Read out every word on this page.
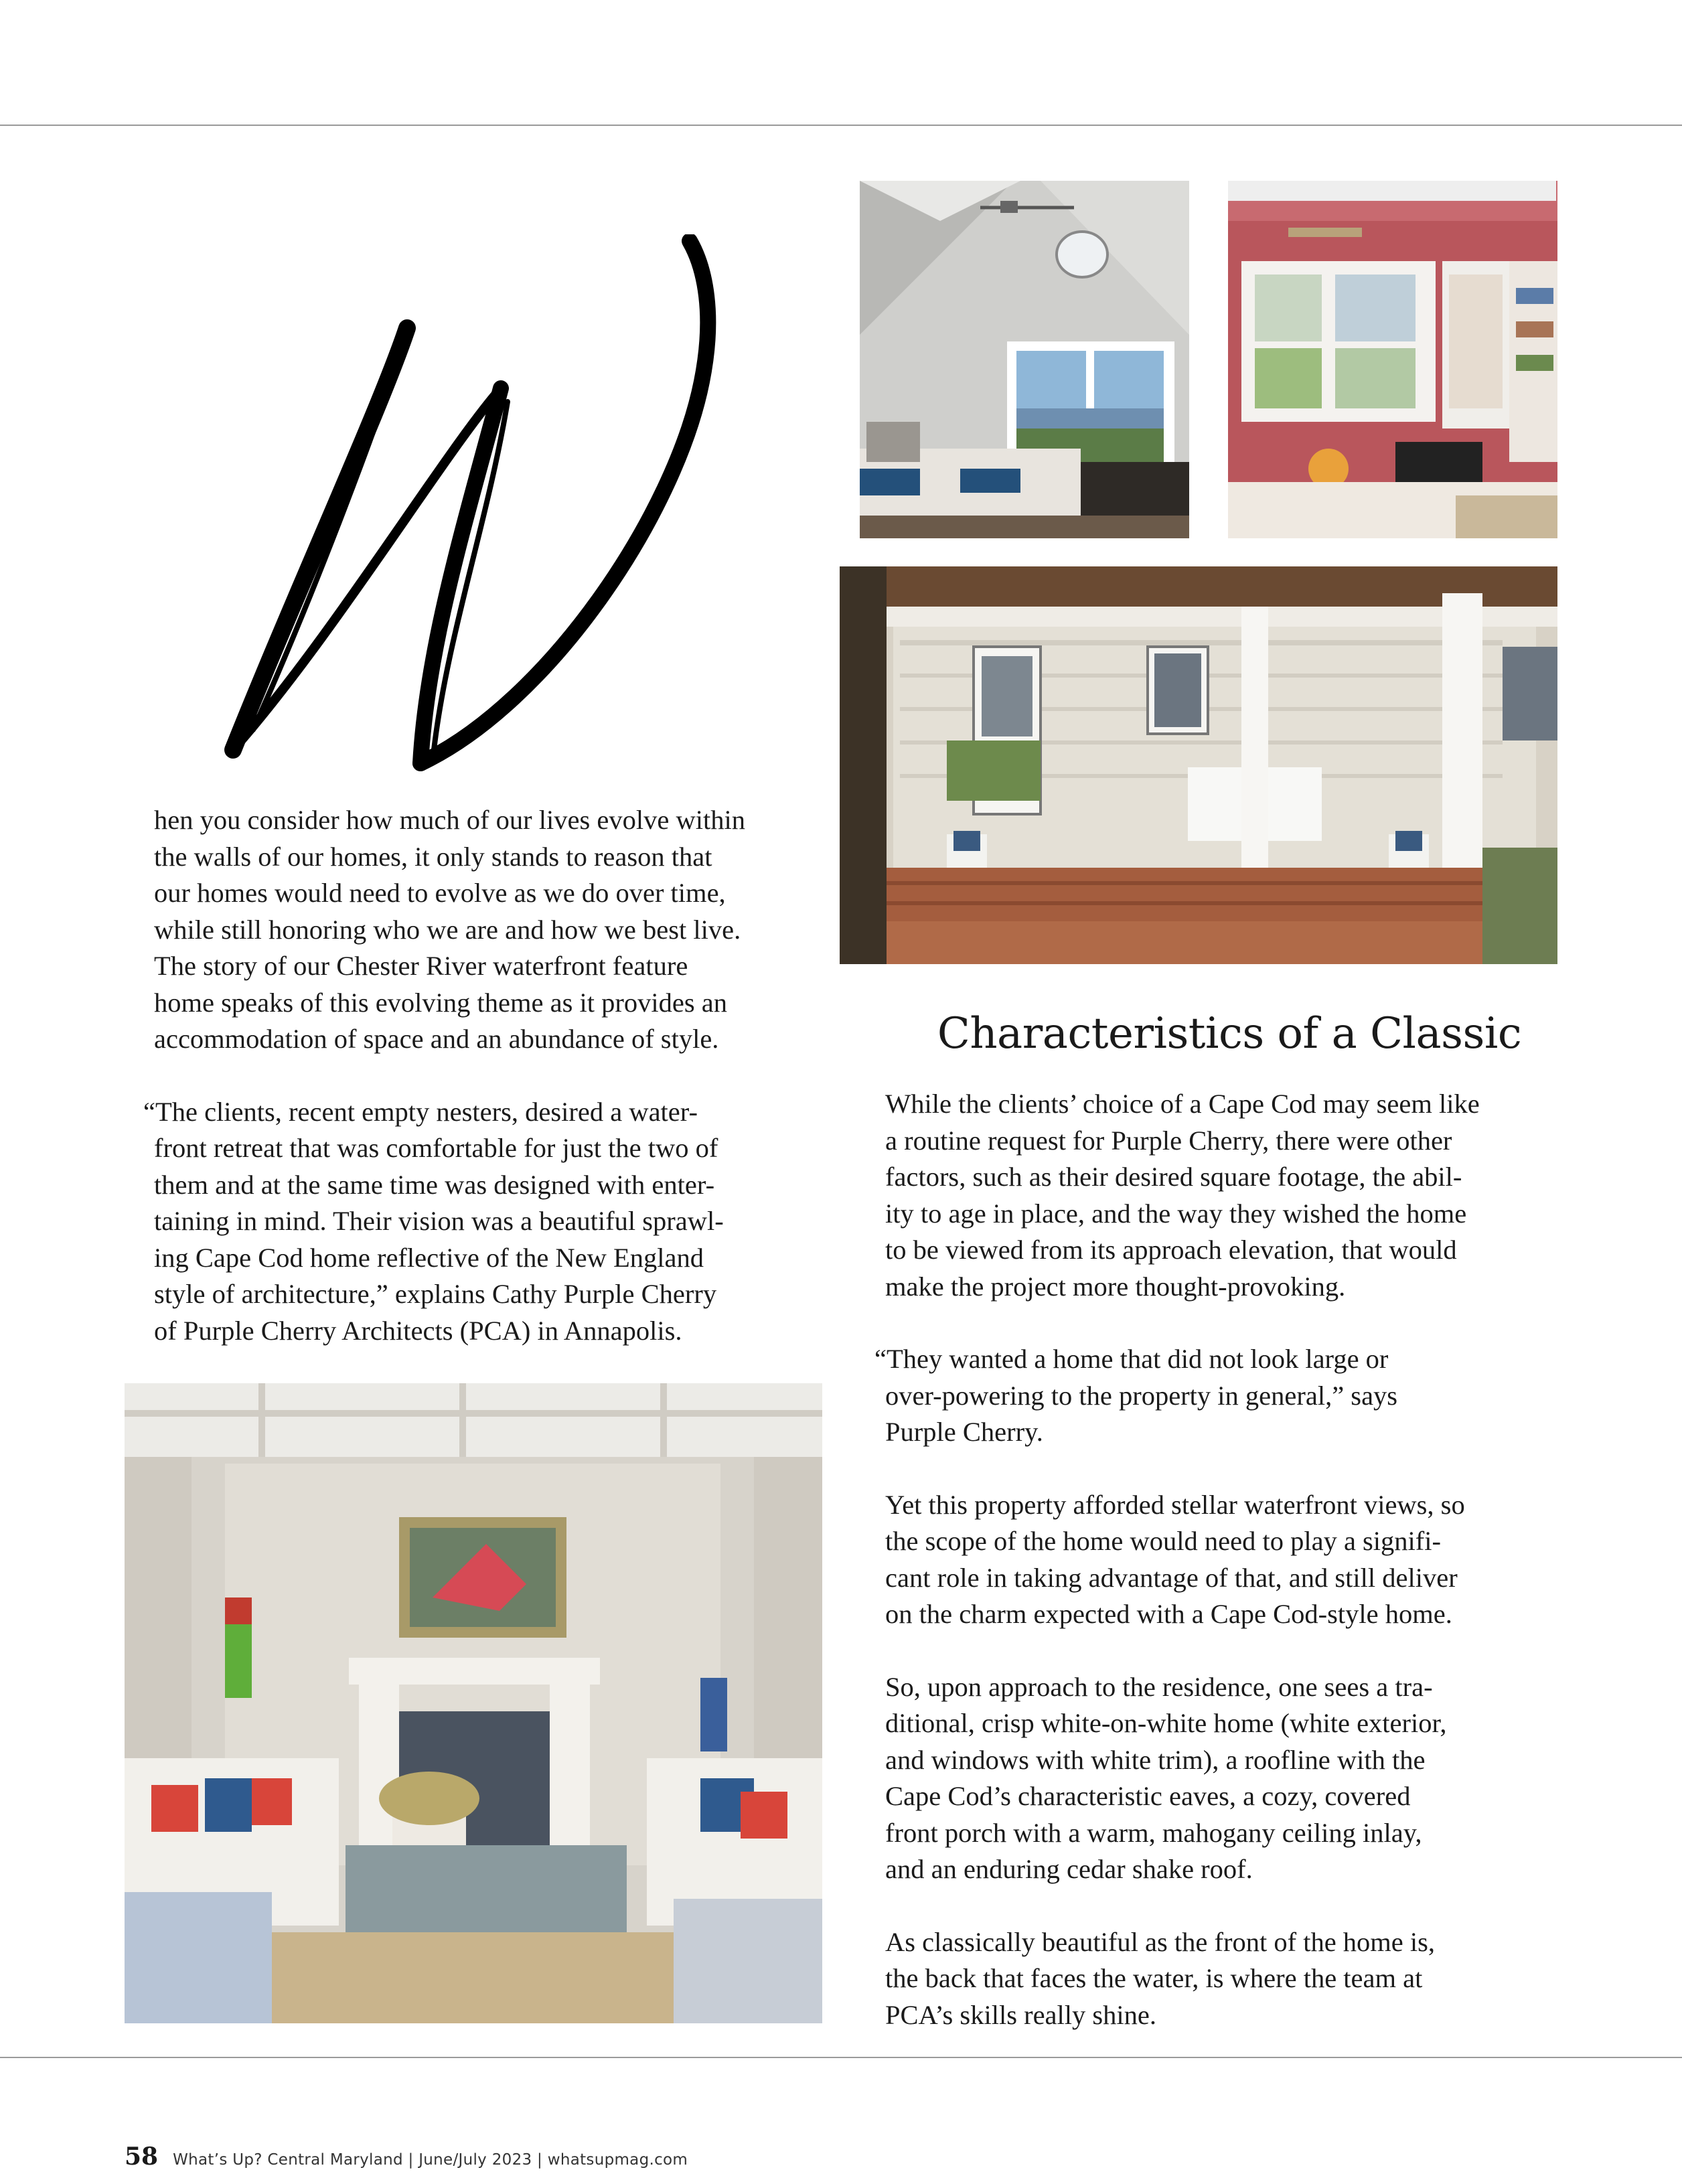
hen you consider how much of our lives evolve within
the walls of our homes, it only stands to reason that
our homes would need to evolve as we do over time,
while still honoring who we are and how we best live.
The story of our Chester River waterfront feature
home speaks of this evolving theme as it provides an
accommodation of space and an abundance of style.

“The clients, recent empty nesters, desired a water-
front retreat that was comfortable for just the two of
them and at the same time was designed with enter-
taining in mind. Their vision was a beautiful sprawl-
ing Cape Cod home reflective of the New England
style of architecture,” explains Cathy Purple Cherry
of Purple Cherry Architects (PCA) in Annapolis.

Characteristics of a Classic

While the clients’ choice of a Cape Cod may seem like
a routine request for Purple Cherry, there were other
factors, such as their desired square footage, the abil-
ity to age in place, and the way they wished the home
to be viewed from its approach elevation, that would
make the project more thought-provoking.

“They wanted a home that did not look large or
over-powering to the property in general,” says
Purple Cherry.

Yet this property afforded stellar waterfront views, so
the scope of the home would need to play a signifi-
cant role in taking advantage of that, and still deliver
on the charm expected with a Cape Cod-style home.

So, upon approach to the residence, one sees a tra-
ditional, crisp white-on-white home (white exterior,
and windows with white trim), a roofline with the
Cape Cod’s characteristic eaves, a cozy, covered
front porch with a warm, mahogany ceiling inlay,
and an enduring cedar shake roof.

As classically beautiful as the front of the home is,
the back that faces the water, is where the team at
PCA’s skills really shine.

58 What’s Up? Central Maryland | June/July 2023 | whatsupmag.com
